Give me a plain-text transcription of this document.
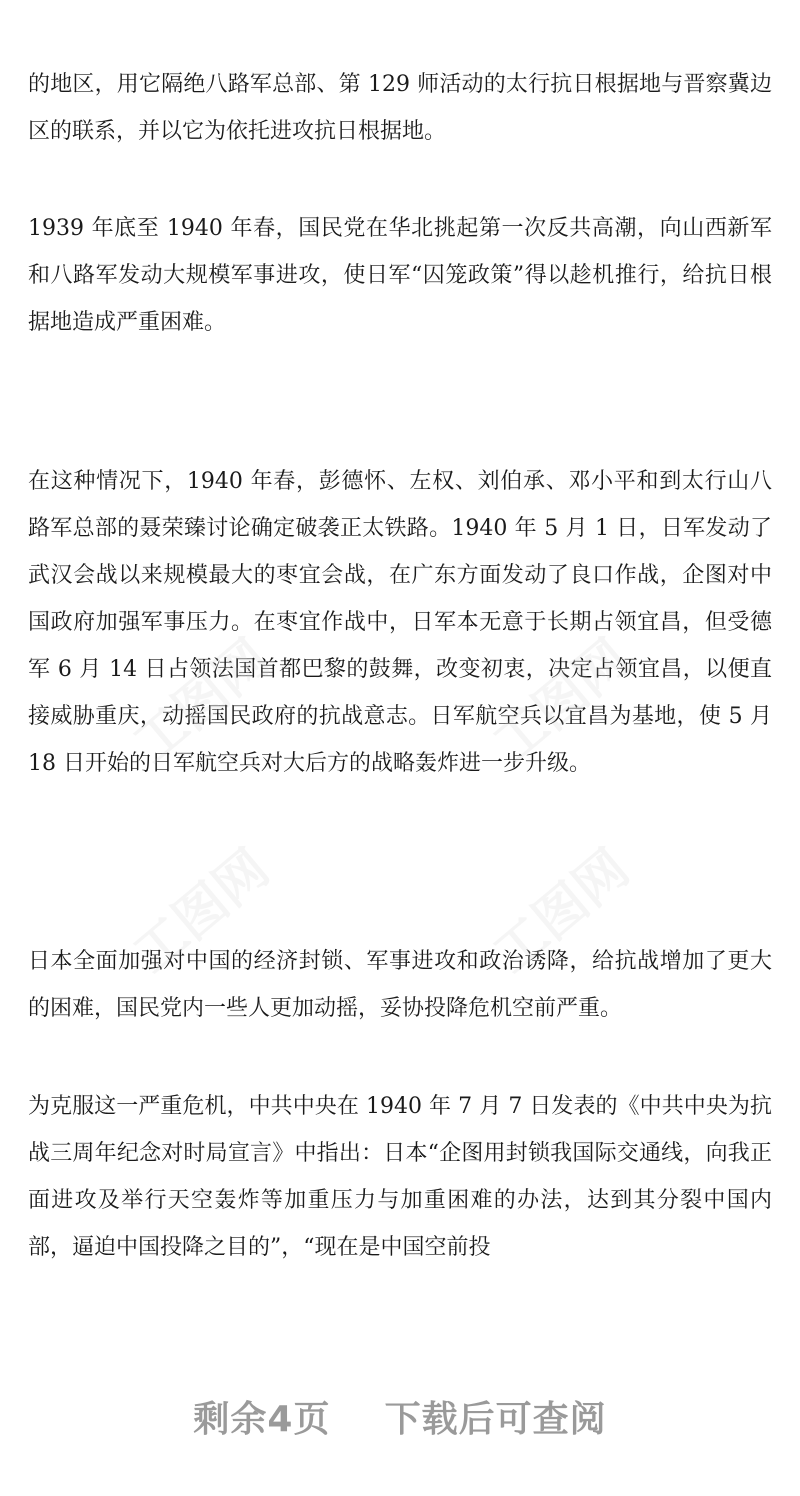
的地区，用它隔绝八路军总部、第 129 师活动的太行抗日根据地与晋察冀边区的联系，并以它为依托进攻抗日根据地。

1939 年底至 1940 年春，国民党在华北挑起第一次反共高潮，向山西新军和八路军发动大规模军事进攻，使日军“囚笼政策”得以趁机推行，给抗日根据地造成严重困难。

在这种情况下，1940 年春，彭德怀、左权、刘伯承、邓小平和到太行山八路军总部的聂荣臻讨论确定破袭正太铁路。1940 年 5 月 1 日，日军发动了武汉会战以来规模最大的枣宜会战，在广东方面发动了良口作战，企图对中国政府加强军事压力。在枣宜作战中，日军本无意于长期占领宜昌，但受德军 6 月 14 日占领法国首都巴黎的鼓舞，改变初衷，决定占领宜昌，以便直接威胁重庆，动摇国民政府的抗战意志。日军航空兵以宜昌为基地，使 5 月 18 日开始的日军航空兵对大后方的战略轰炸进一步升级。

日本全面加强对中国的经济封锁、军事进攻和政治诱降，给抗战增加了更大的困难，国民党内一些人更加动摇，妥协投降危机空前严重。

为克服这一严重危机，中共中央在 1940 年 7 月 7 日发表的《中共中央为抗战三周年纪念对时局宣言》中指出：日本“企图用封锁我国际交通线，向我正面进攻及举行天空轰炸等加重压力与加重困难的办法，达到其分裂中国内部，逼迫中国投降之目的”，“现在是中国空前投

工图网	工图网
工图网	工图网
剩余4页    下载后可查阅
